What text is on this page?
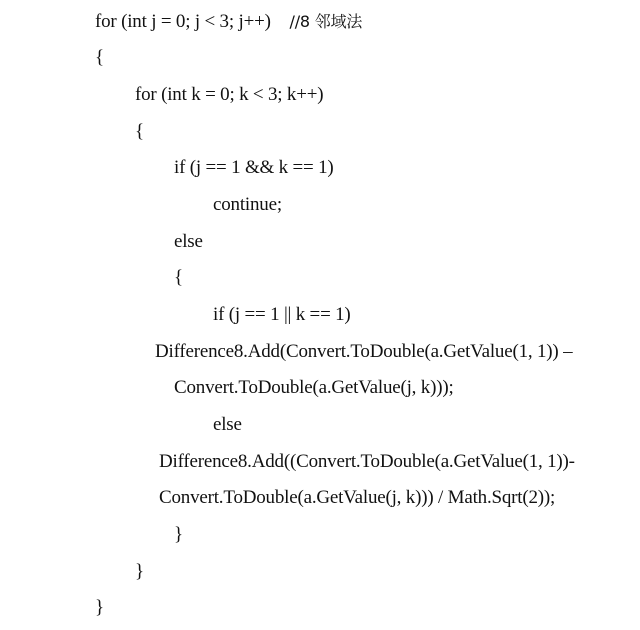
for (int j = 0; j < 3; j++)  //8 邻域法
{
for (int k = 0; k < 3; k++)
{
if (j == 1 && k == 1)
continue;
else
{
if (j == 1 || k == 1)
Difference8.Add(Convert.ToDouble(a.GetValue(1, 1)) –
Convert.ToDouble(a.GetValue(j, k)));
else
Difference8.Add((Convert.ToDouble(a.GetValue(1, 1))-
Convert.ToDouble(a.GetValue(j, k))) / Math.Sqrt(2));
}
}
}
